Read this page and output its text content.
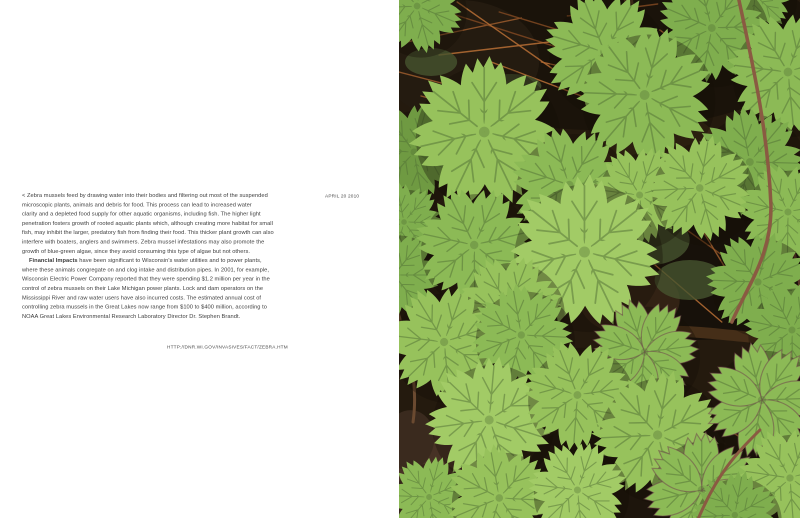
APRIL 20 2010
< Zebra mussels feed by drawing water into their bodies and filtering out most of the suspended
microscopic plants, animals and debris for food. This process can lead to increased water
clarity and a depleted food supply for other aquatic organisms, including fish. The higher light
penetration fosters growth of rooted aquatic plants which, although creating more habitat for small
fish, may inhibit the larger, predatory fish from finding their food. This thicker plant growth can also
interfere with boaters, anglers and swimmers. Zebra mussel infestations may also promote the
growth of blue-green algae, since they avoid consuming this type of algae but not others.
Financial Impacts have been significant to Wisconsin's water utilities and to power plants,
where these animals congregate on and clog intake and distribution pipes. In 2001, for example,
Wisconsin Electric Power Company reported that they were spending $1.2 million per year in the
control of zebra mussels on their Lake Michigan power plants. Lock and dam operators on the
Mississippi River and raw water users have also incurred costs. The estimated annual cost of
controlling zebra mussels in the Great Lakes now range from $100 to $400 million, according to
NOAA Great Lakes Environmental Research Laboratory Director Dr. Stephen Brandt.
HTTP://DNR.WI.GOV/INVASIVES/FACT/ZEBRA.HTM
